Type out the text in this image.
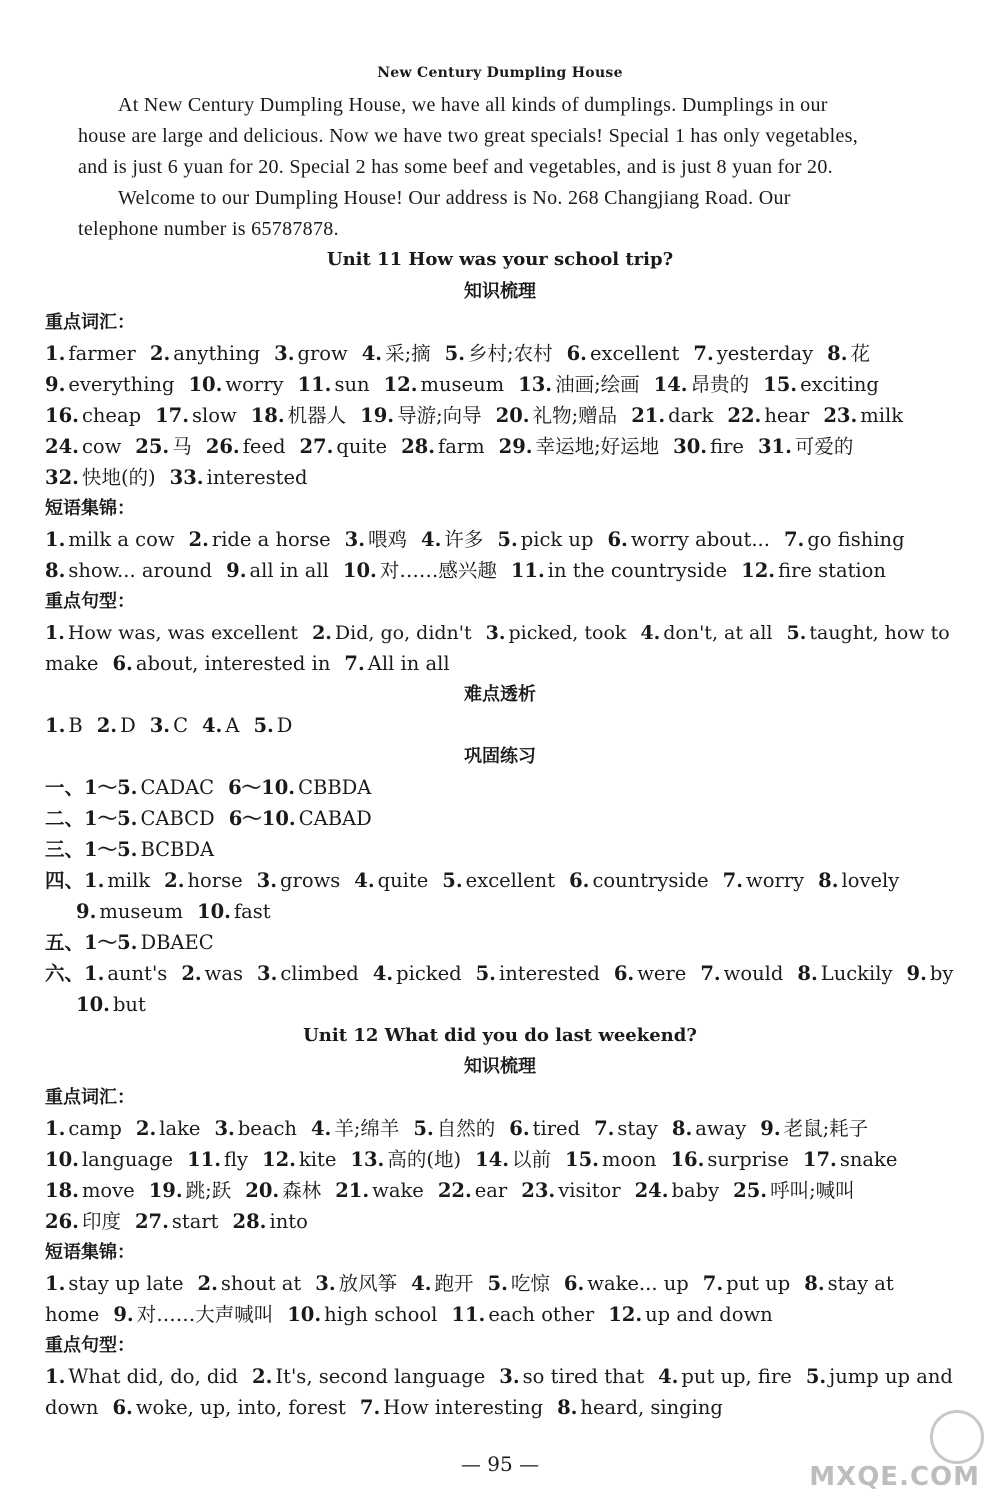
New Century Dumpling House
At New Century Dumpling House, we have all kinds of dumplings. Dumplings in our
house are large and delicious. Now we have two great specials! Special 1 has only vegetables,
and is just 6 yuan for 20. Special 2 has some beef and vegetables, and is just 8 yuan for 20.
Welcome to our Dumpling House! Our address is No. 268 Changjiang Road. Our
telephone number is 65787878.
Unit 11 How was your school trip?
知识梳理
重点词汇：
1. farmer 2. anything 3. grow 4. 采;摘 5. 乡村;农村 6. excellent 7. yesterday 8. 花
9. everything 10. worry 11. sun 12. museum 13. 油画;绘画 14. 昂贵的 15. exciting
16. cheap 17. slow 18. 机器人 19. 导游;向导 20. 礼物;赠品 21. dark 22. hear 23. milk
24. cow 25. 马 26. feed 27. quite 28. farm 29. 幸运地;好运地 30. fire 31. 可爱的
32. 快地(的) 33. interested
短语集锦：
1. milk a cow 2. ride a horse 3. 喂鸡 4. 许多 5. pick up 6. worry about... 7. go fishing
8. show... around 9. all in all 10. 对……感兴趣 11. in the countryside 12. fire station
重点句型：
1. How was, was excellent 2. Did, go, didn't 3. picked, took 4. don't, at all 5. taught, how to
make 6. about, interested in 7. All in all
难点透析
1. B 2. D 3. C 4. A 5. D
巩固练习
一、1～5. CADAC 6～10. CBBDA
二、1～5. CABCD 6～10. CABAD
三、1～5. BCBDA
四、1. milk 2. horse 3. grows 4. quite 5. excellent 6. countryside 7. worry 8. lovely
9. museum 10. fast
五、1～5. DBAEC
六、1. aunt's 2. was 3. climbed 4. picked 5. interested 6. were 7. would 8. Luckily 9. by
10. but
Unit 12 What did you do last weekend?
知识梳理
重点词汇：
1. camp 2. lake 3. beach 4. 羊;绵羊 5. 自然的 6. tired 7. stay 8. away 9. 老鼠;耗子
10. language 11. fly 12. kite 13. 高的(地) 14. 以前 15. moon 16. surprise 17. snake
18. move 19. 跳;跃 20. 森林 21. wake 22. ear 23. visitor 24. baby 25. 呼叫;喊叫
26. 印度 27. start 28. into
短语集锦：
1. stay up late 2. shout at 3. 放风筝 4. 跑开 5. 吃惊 6. wake... up 7. put up 8. stay at
home 9. 对……大声喊叫 10. high school 11. each other 12. up and down
重点句型：
1. What did, do, did 2. It's, second language 3. so tired that 4. put up, fire 5. jump up and
down 6. woke, up, into, forest 7. How interesting 8. heard, singing
— 95 —	MXQE.COM
